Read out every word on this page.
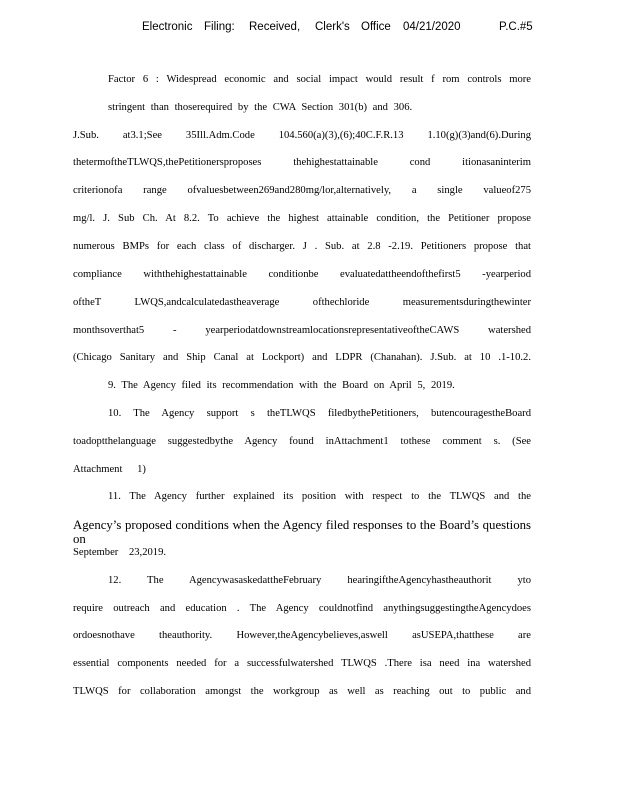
Electronic Filing: Received, Clerk's Office 04/21/2020	P.C.#5
Factor 6 : Widespread economic and social impact would result f rom controls more
stringent than thoserequired by the CWA Section 301(b) and 306.
J.Sub. at3.1;See 35Ill.Adm.Code 104.560(a)(3),(6);40C.F.R.13 1.10(g)(3)and(6).During
thetermoftheTLWQS,thePetitionersproposes thehighestattainable cond itionasaninterim
criterionofa range ofvaluesbetween269and280mg/lor,alternatively, a single valueof275
mg/l. J. Sub Ch. At 8.2. To achieve the highest attainable condition, the Petitioner propose
numerous BMPs for each class of discharger. J . Sub. at 2.8 -2.19. Petitioners propose that
compliance withthehighestattainable conditionbe evaluatedattheendofthefirst5 -yearperiod
oftheT LWQS,andcalculatedastheaverage ofthechloride measurementsduringthewinter
monthsoverthat5 - yearperiodatdownstreamlocationsrepresentativeoftheCAWS watershed
(Chicago Sanitary and Ship Canal at Lockport) and LDPR (Chanahan). J.Sub. at 10 .1-10.2.
9. The Agency filed its recommendation with the Board on April 5, 2019.
10. The Agency support s theTLWQS filedbythePetitioners, butencouragestheBoard
toadoptthelanguage suggestedbythe Agency found inAttachment1 tothese comment s. (See
Attachment 1)
11. The Agency further explained its position with respect to the TLWQS and the
Agency’s proposed conditions when the Agency filed responses to the Board’s questions on
September 23,2019.
12. The AgencywasaskedattheFebruary hearingiftheAgencyhastheauthorit yto
require outreach and education . The Agency couldnotfind anythingsuggestingtheAgencydoes
ordoesnothave theauthority. However,theAgencybelieves,aswell asUSEPA,thatthese are
essential components needed for a successfulwatershed TLWQS .There isa need ina watershed
TLWQS for collaboration amongst the workgroup as well as reaching out to public and
